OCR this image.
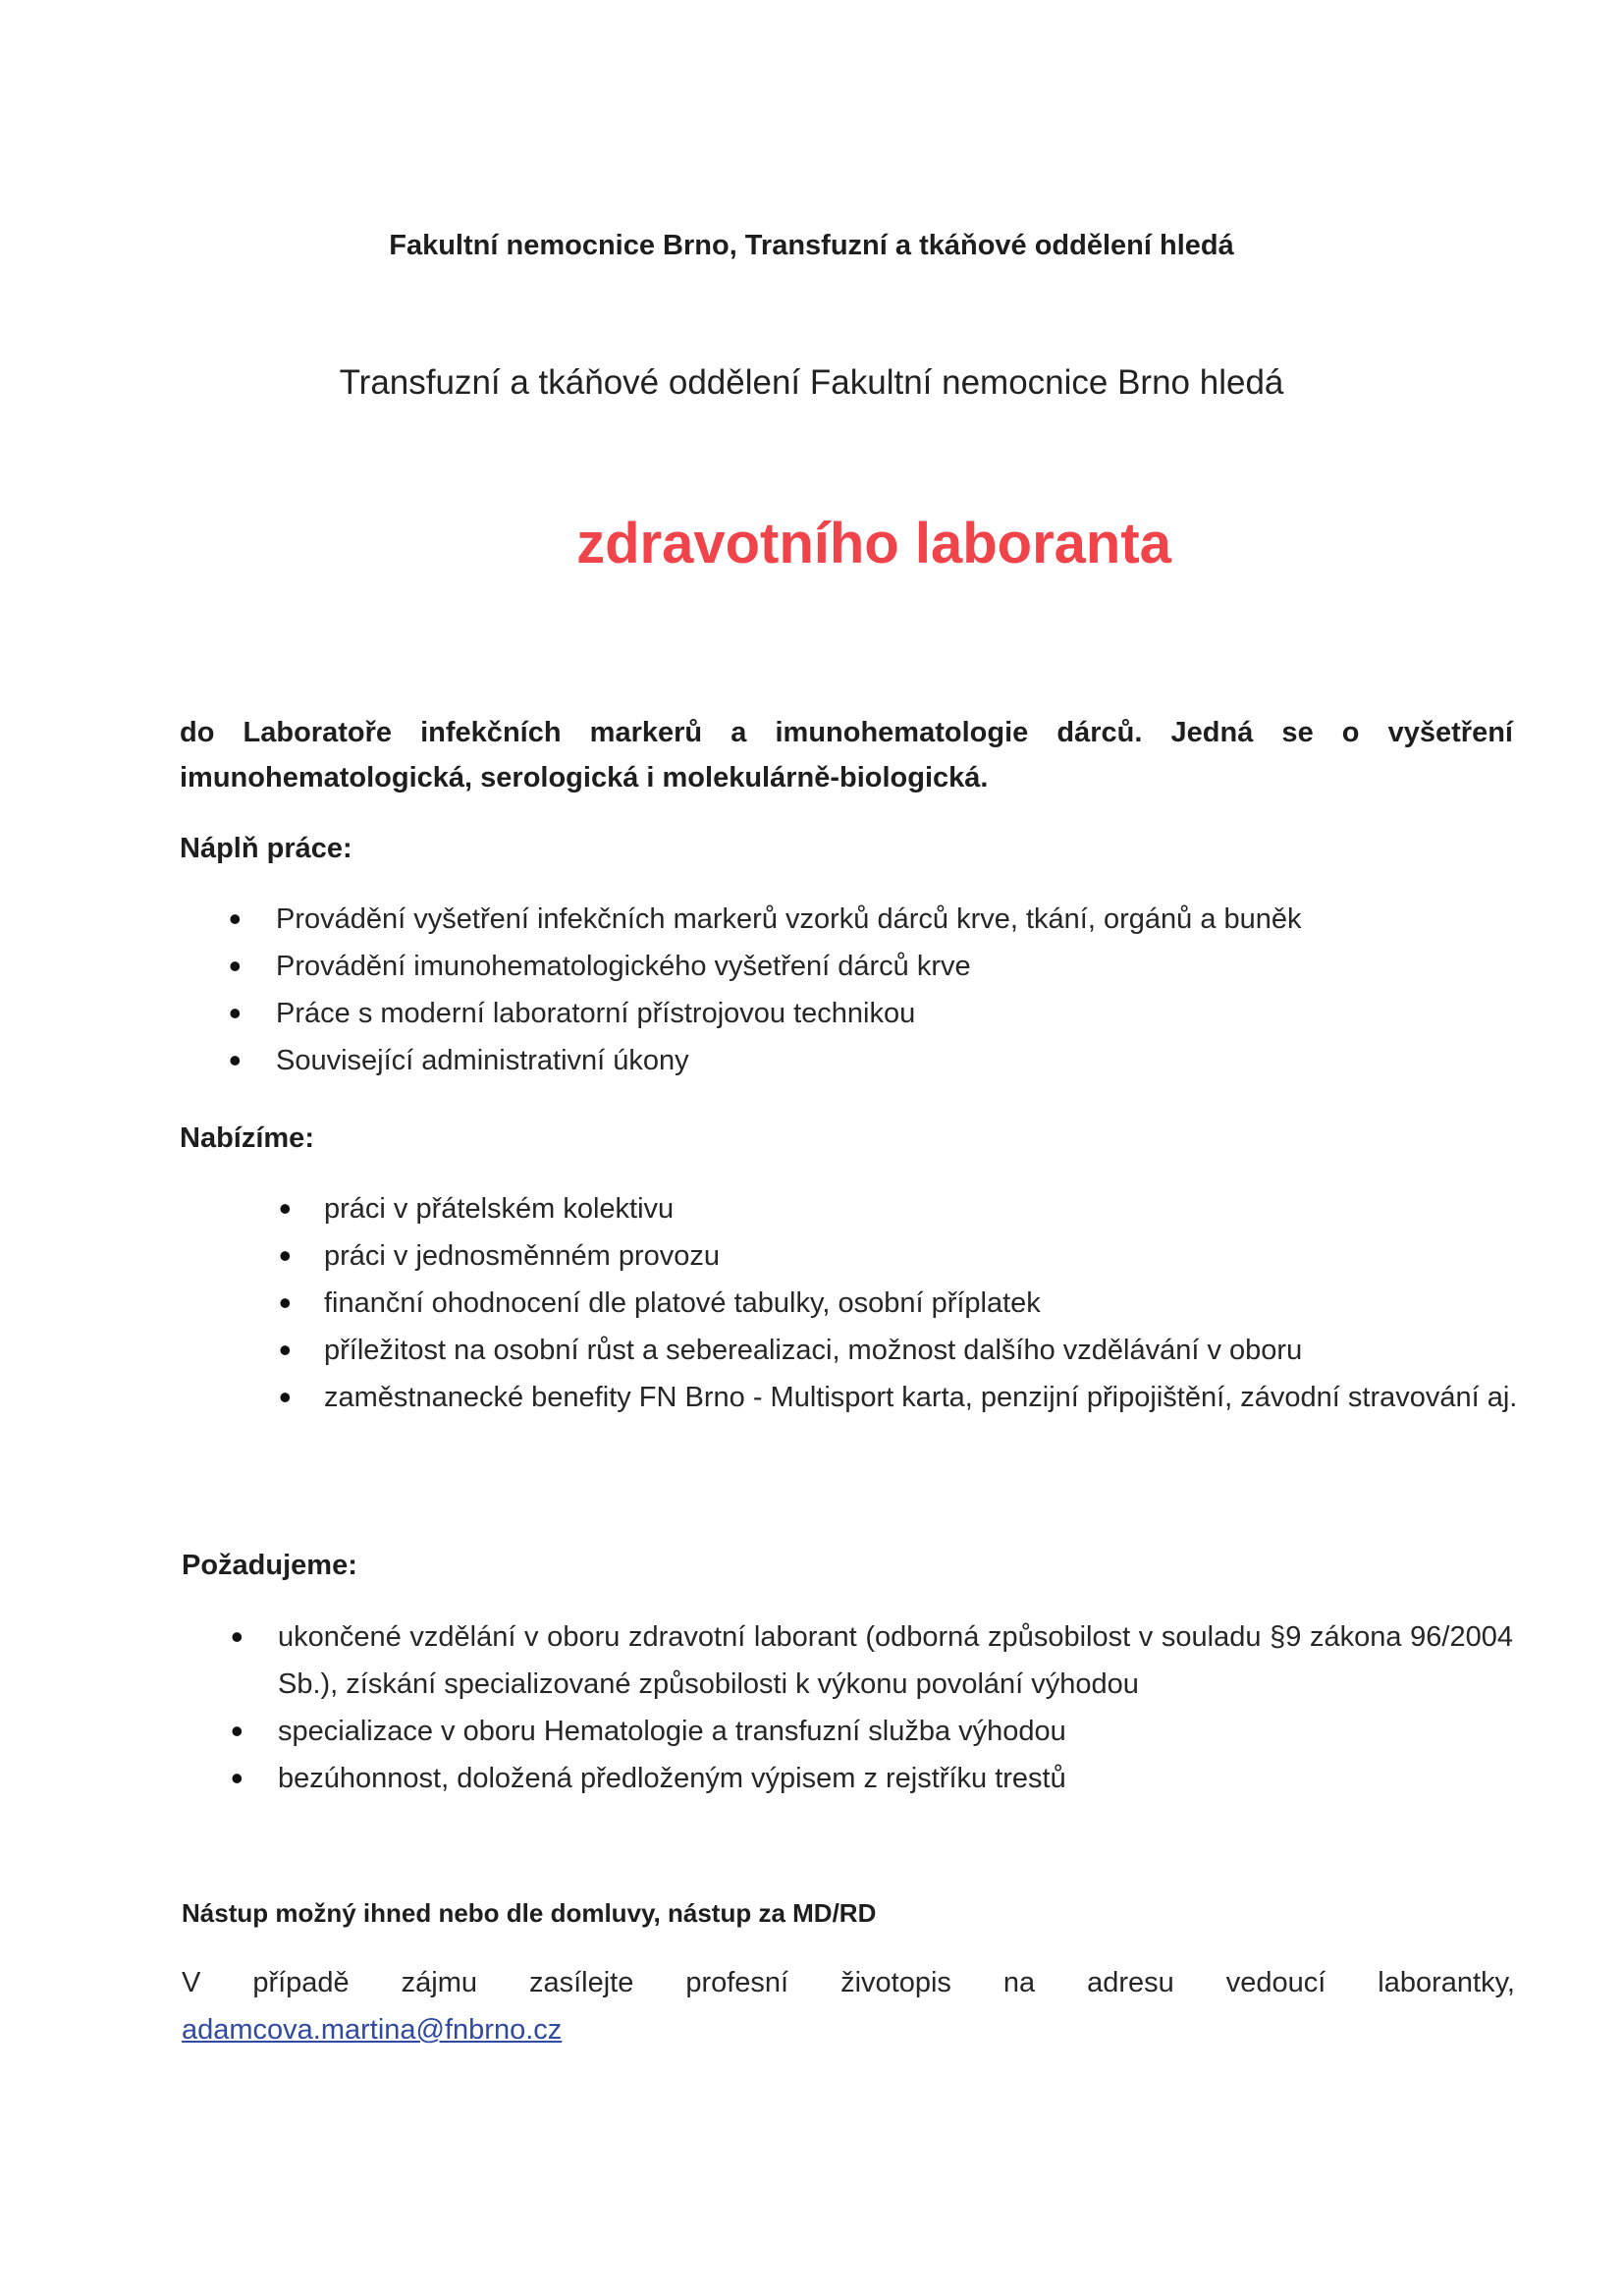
Fakultní nemocnice Brno, Transfuzní a tkáňové oddělení hledá
Transfuzní a tkáňové oddělení Fakultní nemocnice Brno hledá
zdravotního laboranta
do Laboratoře infekčních markerů a imunohematologie dárců. Jedná se o vyšetření imunohematologická, serologická i molekulárně-biologická.
Náplň práce:
• Provádění vyšetření infekčních markerů vzorků dárců krve, tkání, orgánů a buněk
• Provádění imunohematologického vyšetření dárců krve
• Práce s moderní laboratorní přístrojovou technikou
• Související administrativní úkony
Nabízíme:
• práci v přátelském kolektivu
• práci v jednosměnném provozu
• finanční ohodnocení dle platové tabulky, osobní příplatek
• příležitost na osobní růst a seberealizaci, možnost dalšího vzdělávání v oboru
• zaměstnanecké benefity FN Brno - Multisport karta, penzijní připojištění, závodní stravování aj.
Požadujeme:
• ukončené vzdělání v oboru zdravotní laborant (odborná způsobilost v souladu §9 zákona 96/2004 Sb.), získání specializované způsobilosti k výkonu povolání výhodou
• specializace v oboru Hematologie a transfuzní služba výhodou
• bezúhonnost, doložená předloženým výpisem z rejstříku trestů
Nástup možný ihned nebo dle domluvy, nástup za MD/RD
V případě zájmu zasílejte profesní životopis na adresu vedoucí laborantky,
adamcova.martina@fnbrno.cz
